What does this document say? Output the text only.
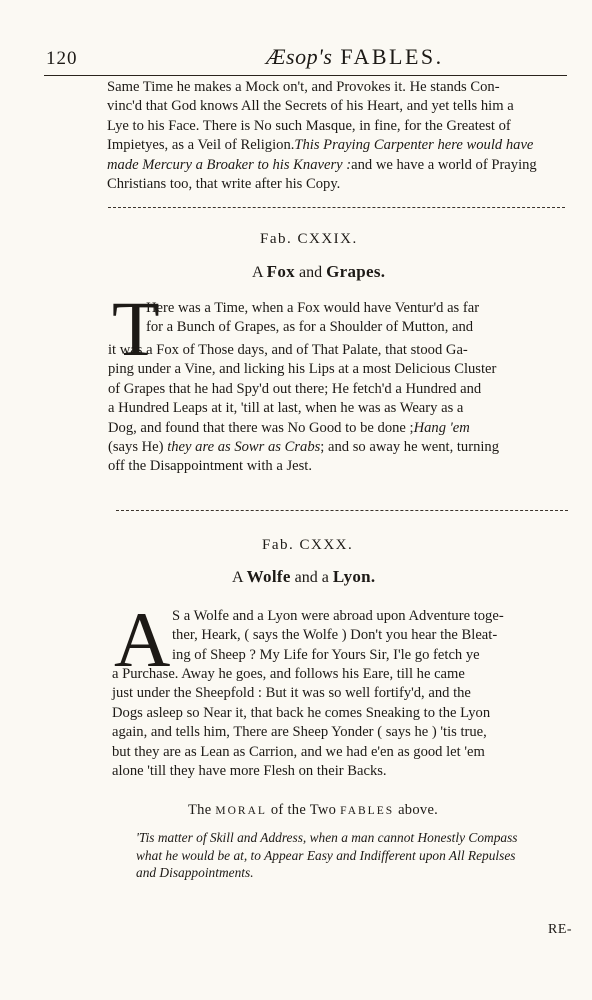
120	Æsop's FABLES.
Same Time he makes a Mock on't, and Provokes it. He stands Con-
vinc'd that God knows All the Secrets of his Heart, and yet tells him a
Lye to his Face. There is No such Masque, in fine, for the Greatest of
Impietyes, as a Veil of Religion.This Praying Carpenter here would have
made Mercury a Broaker to his Knavery :and we have a world of Praying
Christians too, that write after his Copy.
Fab. CXXIX.
A Fox and Grapes.
T
Here was a Time, when a Fox would have Ventur'd as far
for a Bunch of Grapes, as for a Shoulder of Mutton, and
it was a Fox of Those days, and of That Palate, that stood Ga-
ping under a Vine, and licking his Lips at a most Delicious Cluster
of Grapes that he had Spy'd out there; He fetch'd a Hundred and
a Hundred Leaps at it, 'till at last, when he was as Weary as a
Dog, and found that there was No Good to be done ;Hang 'em
(says He) they are as Sowr as Crabs; and so away he went, turning
off the Disappointment with a Jest.
Fab. CXXX.
A Wolfe and a Lyon.
A S a Wolfe and a Lyon were abroad upon Adventure toge-
ther, Heark, ( says the Wolfe ) Don't you hear the Bleat-
ing of Sheep ? My Life for Yours Sir, I'le go fetch ye
a Purchase. Away he goes, and follows his Eare, till he came
just under the Sheepfold : But it was so well fortify'd, and the
Dogs asleep so Near it, that back he comes Sneaking to the Lyon
again, and tells him, There are Sheep Yonder ( says he ) 'tis true,
but they are as Lean as Carrion, and we had e'en as good let 'em
alone 'till they have more Flesh on their Backs.
The MORAL of the Two FABLES above.
'Tis matter of Skill and Address, when a man cannot Honestly Compass
what he would be at, to Appear Easy and Indifferent upon All Repulses
and Disappointments.
RE-
